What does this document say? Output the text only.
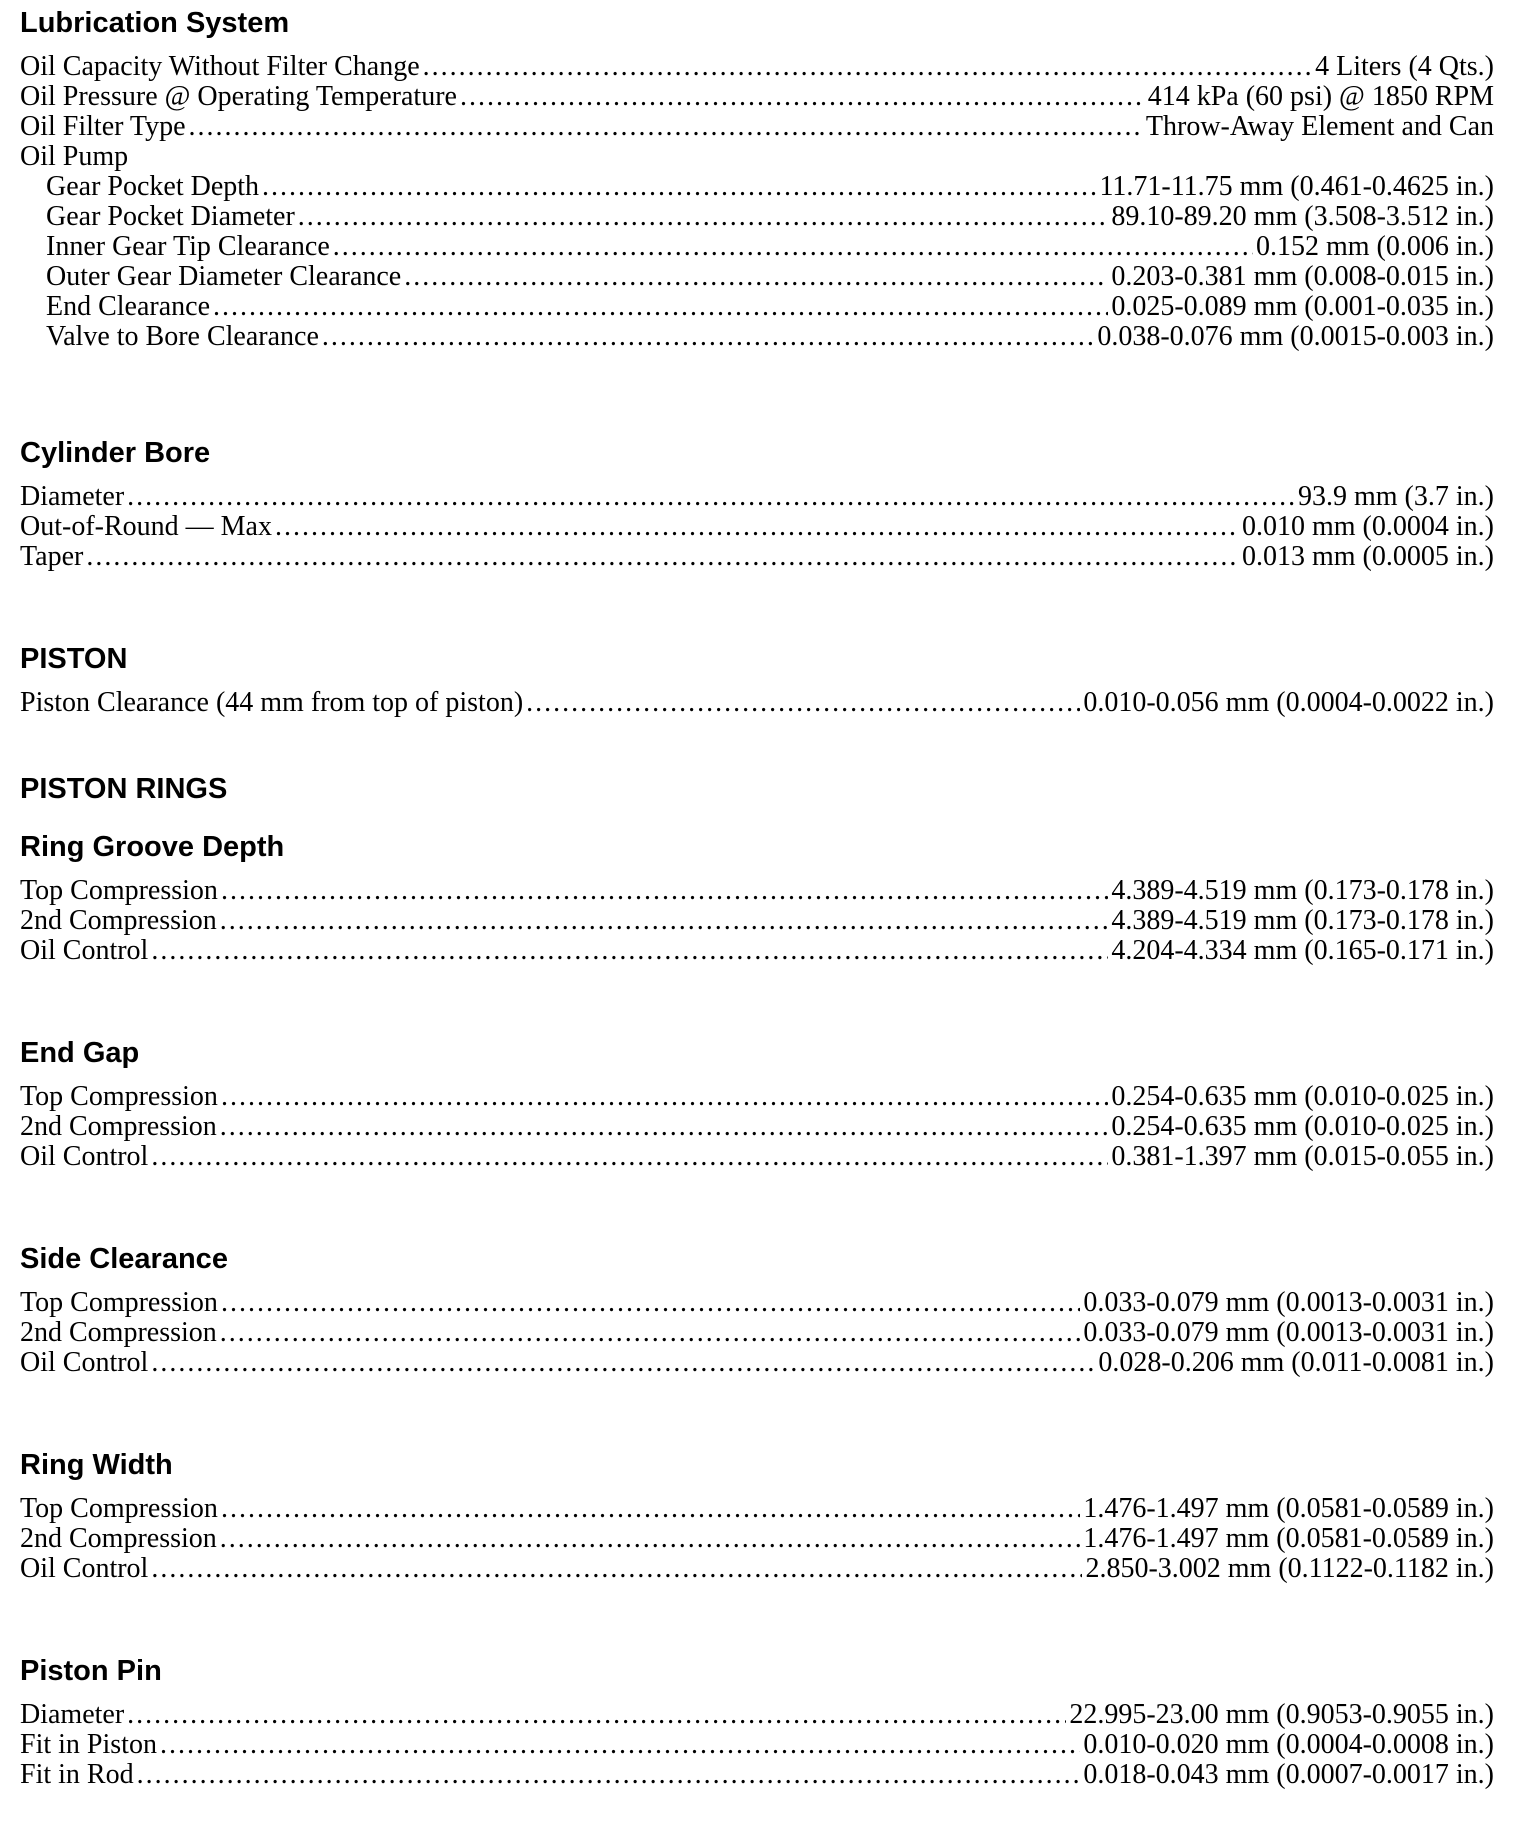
Lubrication System
Oil Capacity Without Filter Change .....	4 Liters (4 Qts.)
Oil Pressure @ Operating Temperature .....	414 kPa (60 psi) @ 1850 RPM
Oil Filter Type .....	Throw-Away Element and Can
Oil Pump
Gear Pocket Depth .....	11.71-11.75 mm (0.461-0.4625 in.)
Gear Pocket Diameter .....	89.10-89.20 mm (3.508-3.512 in.)
Inner Gear Tip Clearance .....	0.152 mm (0.006 in.)
Outer Gear Diameter Clearance .....	0.203-0.381 mm (0.008-0.015 in.)
End Clearance .....	0.025-0.089 mm (0.001-0.035 in.)
Valve to Bore Clearance .....	0.038-0.076 mm (0.0015-0.003 in.)
Cylinder Bore
Diameter .....	93.9 mm (3.7 in.)
Out-of-Round — Max .....	0.010 mm (0.0004 in.)
Taper .....	0.013 mm (0.0005 in.)
PISTON
Piston Clearance (44 mm from top of piston) .....	0.010-0.056 mm (0.0004-0.0022 in.)
PISTON RINGS
Ring Groove Depth
Top Compression .....	4.389-4.519 mm (0.173-0.178 in.)
2nd Compression .....	4.389-4.519 mm (0.173-0.178 in.)
Oil Control .....	4.204-4.334 mm (0.165-0.171 in.)
End Gap
Top Compression .....	0.254-0.635 mm (0.010-0.025 in.)
2nd Compression .....	0.254-0.635 mm (0.010-0.025 in.)
Oil Control .....	0.381-1.397 mm (0.015-0.055 in.)
Side Clearance
Top Compression .....	0.033-0.079 mm (0.0013-0.0031 in.)
2nd Compression .....	0.033-0.079 mm (0.0013-0.0031 in.)
Oil Control .....	0.028-0.206 mm (0.011-0.0081 in.)
Ring Width
Top Compression .....	1.476-1.497 mm (0.0581-0.0589 in.)
2nd Compression .....	1.476-1.497 mm (0.0581-0.0589 in.)
Oil Control .....	2.850-3.002 mm (0.1122-0.1182 in.)
Piston Pin
Diameter .....	22.995-23.00 mm (0.9053-0.9055 in.)
Fit in Piston .....	0.010-0.020 mm (0.0004-0.0008 in.)
Fit in Rod .....	0.018-0.043 mm (0.0007-0.0017 in.)
